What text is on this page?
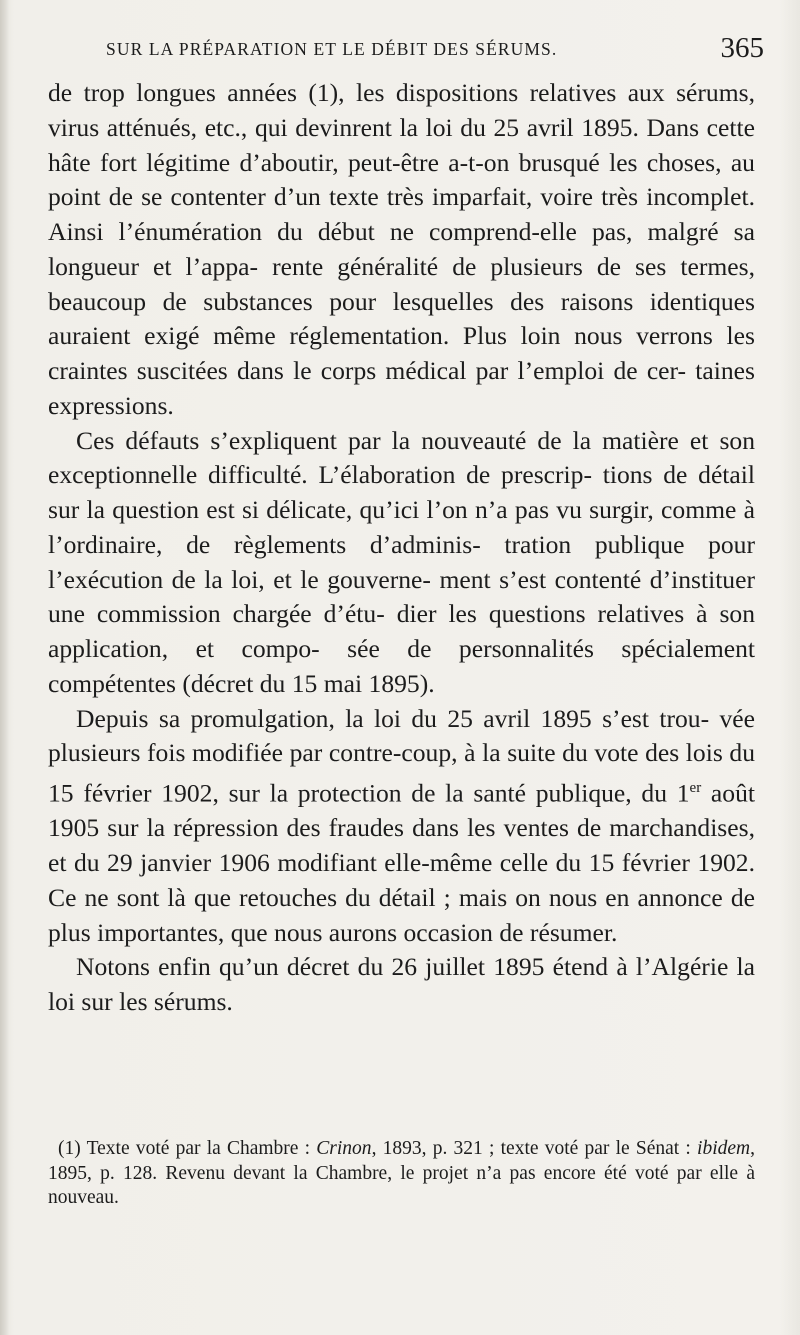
SUR LA PRÉPARATION ET LE DÉBIT DES SÉRUMS.	365

de trop longues années (1), les dispositions relatives aux sérums, virus atténués, etc., qui devinrent la loi du 25 avril 1895. Dans cette hâte fort légitime d’aboutir, peut-être a-t-on brusqué les choses, au point de se contenter d’un texte très imparfait, voire très incomplet. Ainsi l’énumération du début ne comprend-elle pas, malgré sa longueur et l’appa- rente généralité de plusieurs de ses termes, beaucoup de substances pour lesquelles des raisons identiques auraient exigé même réglementation. Plus loin nous verrons les craintes suscitées dans le corps médical par l’emploi de cer- taines expressions.

Ces défauts s’expliquent par la nouveauté de la matière et son exceptionnelle difficulté. L’élaboration de prescrip- tions de détail sur la question est si délicate, qu’ici l’on n’a pas vu surgir, comme à l’ordinaire, de règlements d’adminis- tration publique pour l’exécution de la loi, et le gouverne- ment s’est contenté d’instituer une commission chargée d’étu- dier les questions relatives à son application, et compo- sée de personnalités spécialement compétentes (décret du 15 mai 1895).

Depuis sa promulgation, la loi du 25 avril 1895 s’est trou- vée plusieurs fois modifiée par contre-coup, à la suite du vote des lois du 15 février 1902, sur la protection de la santé publique, du 1er août 1905 sur la répression des fraudes dans les ventes de marchandises, et du 29 janvier 1906 modifiant elle-même celle du 15 février 1902. Ce ne sont là que retouches du détail ; mais on nous en annonce de plus importantes, que nous aurons occasion de résumer.

Notons enfin qu’un décret du 26 juillet 1895 étend à l’Algérie la loi sur les sérums.

(1) Texte voté par la Chambre : Crinon, 1893, p. 321 ; texte voté par le Sénat : ibidem, 1895, p. 128. Revenu devant la Chambre, le projet n’a pas encore été voté par elle à nouveau.
